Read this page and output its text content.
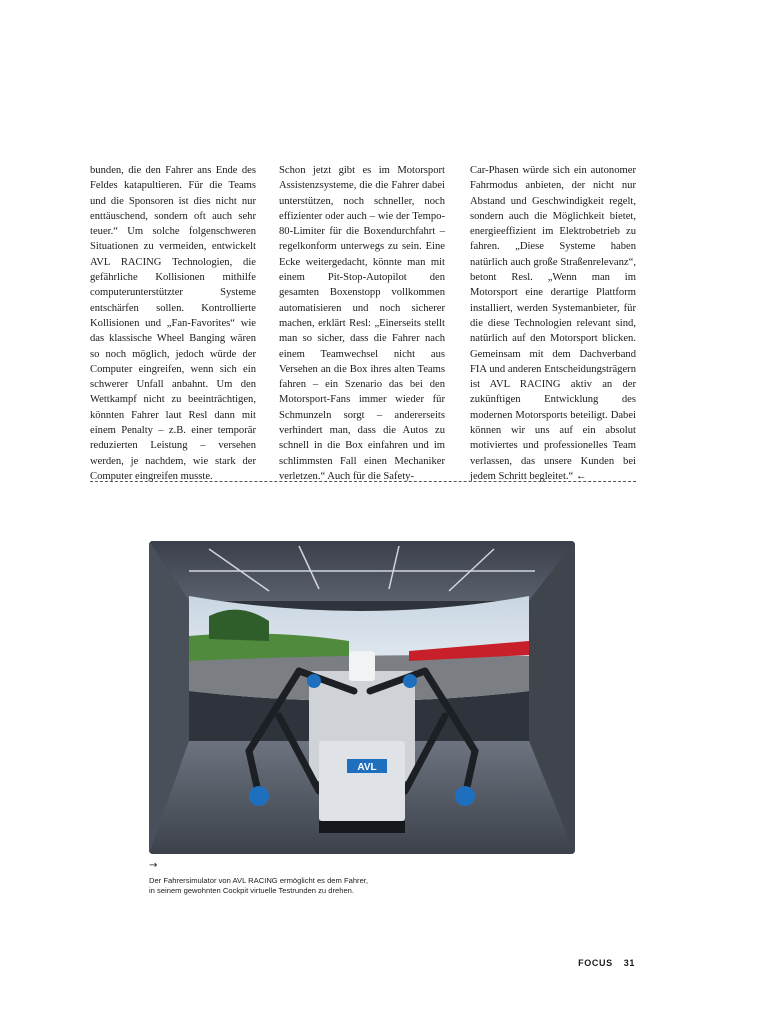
bunden, die den Fahrer ans Ende des Feldes katapultieren. Für die Teams und die Sponsoren ist dies nicht nur enttäuschend, sondern oft auch sehr teuer.“ Um solche folgenschweren Situationen zu vermeiden, entwickelt AVL RACING Technologien, die gefährliche Kollisionen mithilfe computerunterstützter Systeme entschärfen sollen. Kontrollierte Kollisionen und „Fan-Favorites“ wie das klassische Wheel Banging wären so noch möglich, jedoch würde der Computer eingreifen, wenn sich ein schwerer Unfall anbahnt. Um den Wettkampf nicht zu beeinträchtigen, könnten Fahrer laut Resl dann mit einem Penalty – z.B. einer temporär reduzierten Leistung – versehen werden, je nachdem, wie stark der Computer eingreifen musste.

Schon jetzt gibt es im Motorsport Assistenzsysteme, die die Fahrer dabei unterstützen, noch schneller, noch effizienter oder auch – wie der Tempo-80-Limiter für die Boxendurchfahrt – regelkonform unterwegs zu sein. Eine Ecke weitergedacht, könnte man mit einem Pit-Stop-Autopilot den gesamten Boxenstopp vollkommen automatisieren und noch sicherer machen, erklärt Resl: „Einerseits stellt man so sicher, dass die Fahrer nach einem Teamwechsel nicht aus Versehen an die Box ihres alten Teams fahren – ein Szenario das bei den Motorsport-Fans immer wieder für Schmunzeln sorgt – andererseits verhindert man, dass die Autos zu schnell in die Box einfahren und im schlimmsten Fall einen Mechaniker verletzen.“ Auch für die Safety-

Car-Phasen würde sich ein autonomer Fahrmodus anbieten, der nicht nur Abstand und Geschwindigkeit regelt, sondern auch die Möglichkeit bietet, energieeffizient im Elektrobetrieb zu fahren. „Diese Systeme haben natürlich auch große Straßenrelevanz“, betont Resl. „Wenn man im Motorsport eine derartige Plattform installiert, werden Systemanbieter, für die diese Technologien relevant sind, natürlich auf den Motorsport blicken. Gemeinsam mit dem Dachverband FIA und anderen Entscheidungsträgern ist AVL RACING aktiv an der zukünftigen Entwicklung des modernen Motorsports beteiligt. Dabei können wir uns auf ein absolut motiviertes und professionelles Team verlassen, das unsere Kunden bei jedem Schritt begleitet.“ ←

AVL
→
Der Fahrersimulator von AVL RACING ermöglicht es dem Fahrer,
in seinem gewohnten Cockpit virtuelle Testrunden zu drehen.
FOCUS 31
